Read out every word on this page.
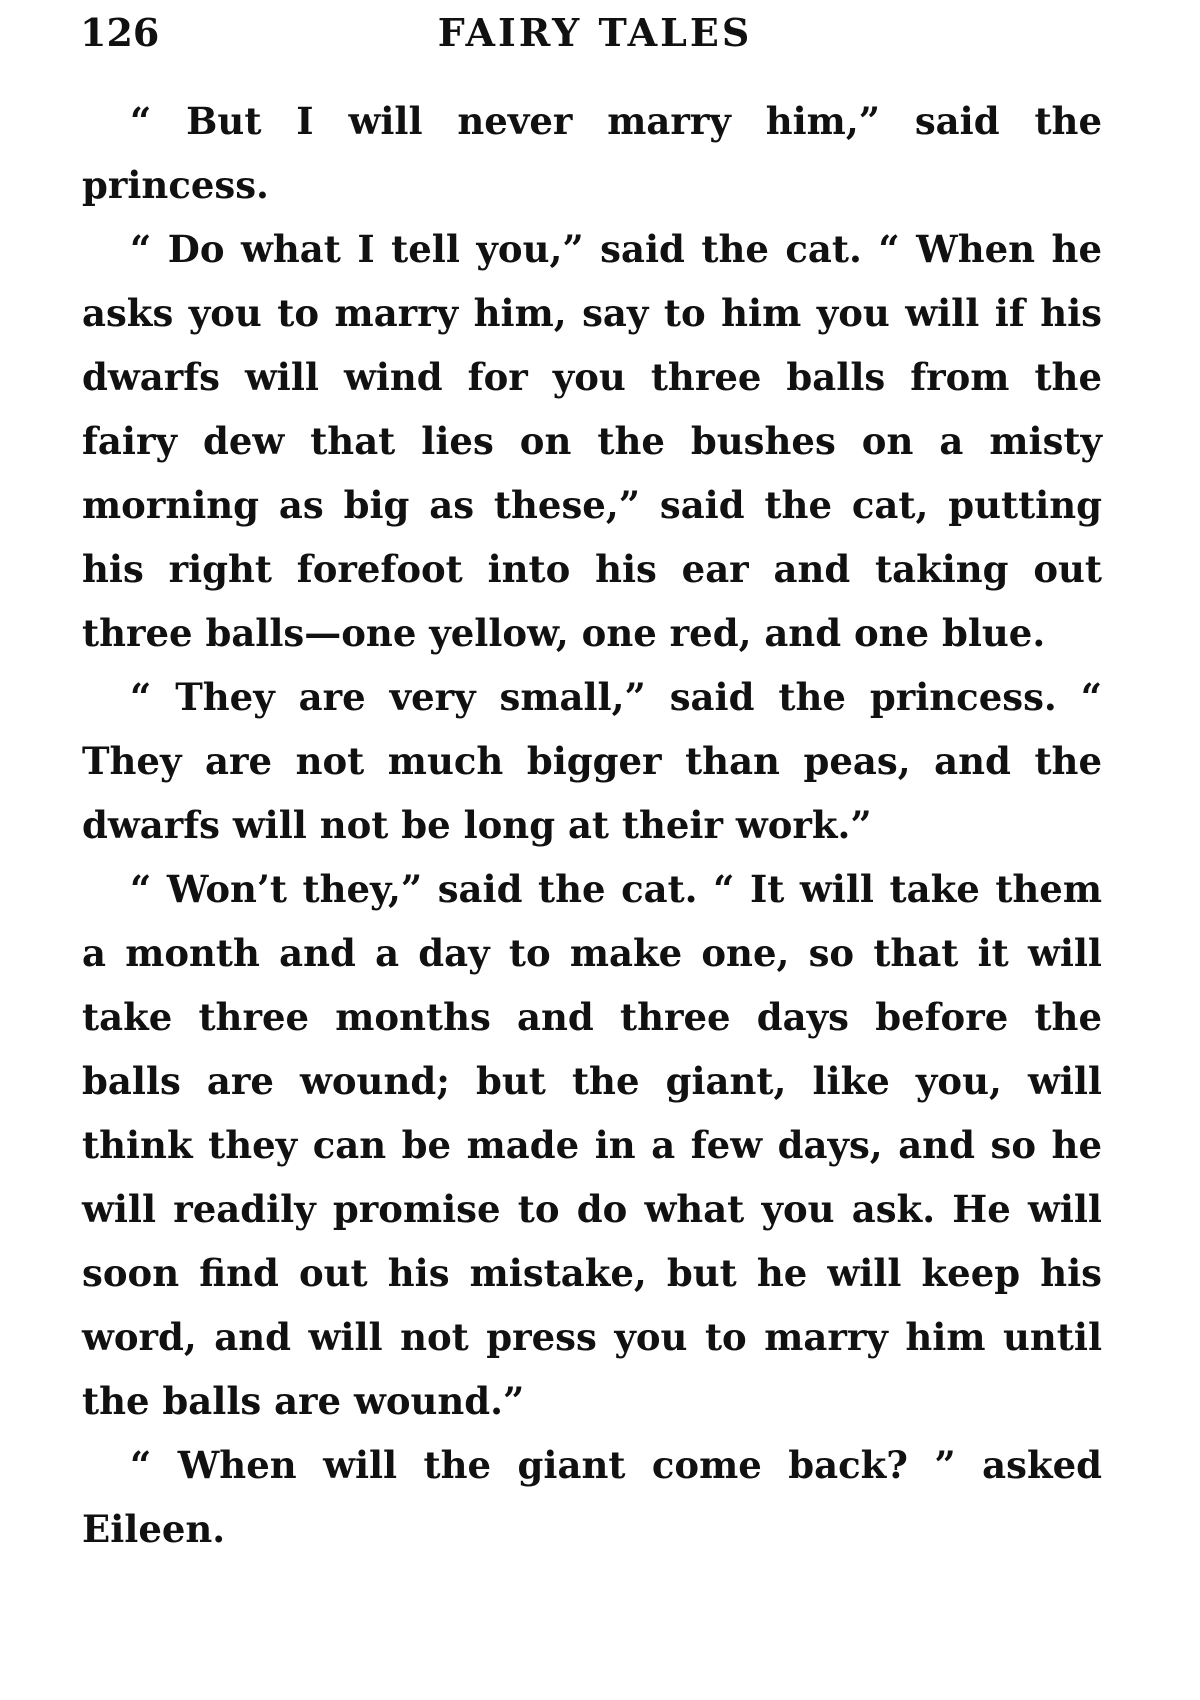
126	FAIRY TALES

“ But I will never marry him,” said the princess.

“ Do what I tell you,” said the cat. “ When he asks you to marry him, say to him you will if his dwarfs will wind for you three balls from the fairy dew that lies on the bushes on a misty morning as big as these,” said the cat, putting his right forefoot into his ear and taking out three balls—one yellow, one red, and one blue.

“ They are very small,” said the princess. “ They are not much bigger than peas, and the dwarfs will not be long at their work.”

“ Won’t they,” said the cat. “ It will take them a month and a day to make one, so that it will take three months and three days before the balls are wound; but the giant, like you, will think they can be made in a few days, and so he will readily promise to do what you ask. He will soon find out his mistake, but he will keep his word, and will not press you to marry him until the balls are wound.”

“ When will the giant come back? ” asked Eileen.
